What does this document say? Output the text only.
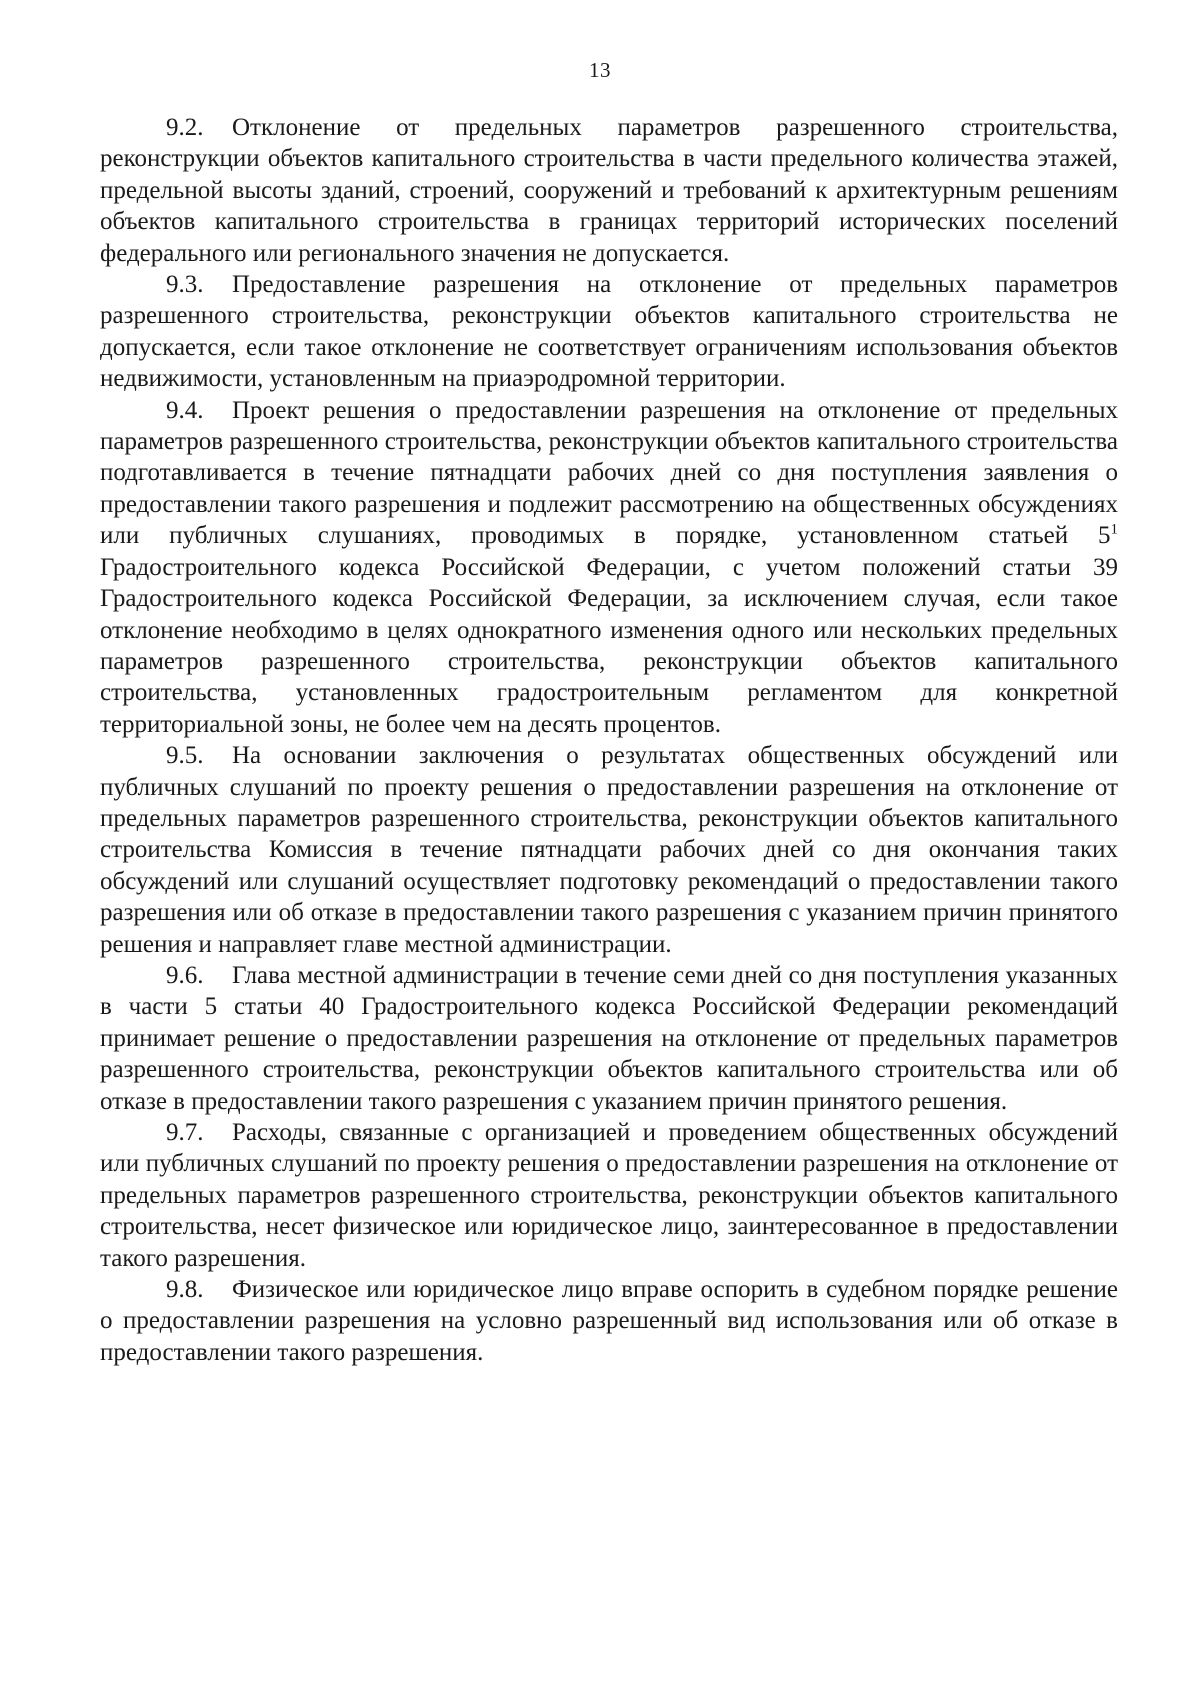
13

9.2. Отклонение от предельных параметров разрешенного строительства, реконструкции объектов капитального строительства в части предельного количества этажей, предельной высоты зданий, строений, сооружений и требований к архитектурным решениям объектов капитального строительства в границах территорий исторических поселений федерального или регионального значения не допускается.

9.3. Предоставление разрешения на отклонение от предельных параметров разрешенного строительства, реконструкции объектов капитального строительства не допускается, если такое отклонение не соответствует ограничениям использования объектов недвижимости, установленным на приаэродромной территории.

9.4. Проект решения о предоставлении разрешения на отклонение от предельных параметров разрешенного строительства, реконструкции объектов капитального строительства подготавливается в течение пятнадцати рабочих дней со дня поступления заявления о предоставлении такого разрешения и подлежит рассмотрению на общественных обсуждениях или публичных слушаниях, проводимых в порядке, установленном статьей $5^1$ Градостроительного кодекса Российской Федерации, с учетом положений статьи 39 Градостроительного кодекса Российской Федерации, за исключением случая, если такое отклонение необходимо в целях однократного изменения одного или нескольких предельных параметров разрешенного строительства, реконструкции объектов капитального строительства, установленных градостроительным регламентом для конкретной территориальной зоны, не более чем на десять процентов.

9.5. На основании заключения о результатах общественных обсуждений или публичных слушаний по проекту решения о предоставлении разрешения на отклонение от предельных параметров разрешенного строительства, реконструкции объектов капитального строительства Комиссия в течение пятнадцати рабочих дней со дня окончания таких обсуждений или слушаний осуществляет подготовку рекомендаций о предоставлении такого разрешения или об отказе в предоставлении такого разрешения с указанием причин принятого решения и направляет главе местной администрации.

9.6. Глава местной администрации в течение семи дней со дня поступления указанных в части 5 статьи 40 Градостроительного кодекса Российской Федерации рекомендаций принимает решение о предоставлении разрешения на отклонение от предельных параметров разрешенного строительства, реконструкции объектов капитального строительства или об отказе в предоставлении такого разрешения с указанием причин принятого решения.

9.7. Расходы, связанные с организацией и проведением общественных обсуждений или публичных слушаний по проекту решения о предоставлении разрешения на отклонение от предельных параметров разрешенного строительства, реконструкции объектов капитального строительства, несет физическое или юридическое лицо, заинтересованное в предоставлении такого разрешения.

9.8. Физическое или юридическое лицо вправе оспорить в судебном порядке решение о предоставлении разрешения на условно разрешенный вид использования или об отказе в предоставлении такого разрешения.
